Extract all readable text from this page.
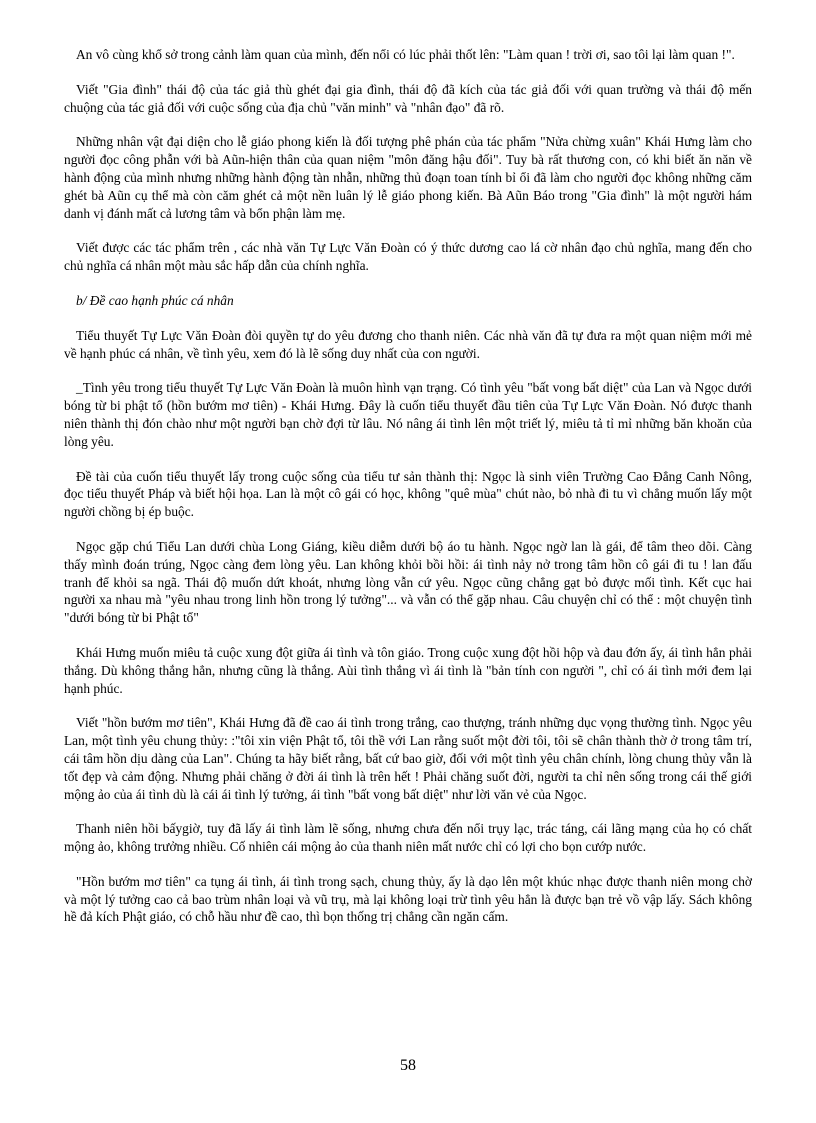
An vô cùng khổ sở trong cảnh làm quan của mình, đến nổi có lúc phải thốt lên: "Làm quan ! trời ơi, sao tôi lại làm quan !".

Viết "Gia đình" thái độ của tác giả thù ghét đại gia đình, thái độ đã kích của tác giả đối với quan trường và thái độ mến chuộng của tác giả đối với cuộc sống của địa chủ "văn minh" và "nhân đạo" đã rõ.

Những nhân vật đại diện cho lễ giáo phong kiến là đối tượng phê phán của tác phẩm "Nửa chừng xuân" Khái Hưng làm cho người đọc công phẫn với bà Aũn-hiện thân của quan niệm "môn đăng hậu đối". Tuy bà rất thương con, có khi biết ăn năn về hành động của mình nhưng những hành động tàn nhẫn, những thủ đoạn toan tính bỉ ổi đã làm cho người đọc không những căm ghét bà Aũn cụ thể mà còn căm ghét cả một nền luân lý lễ giáo phong kiến. Bà Aũn Báo trong "Gia đình" là một người hám danh vị đánh mất cả lương tâm và bổn phận làm mẹ.

Viết được các tác phẩm trên , các nhà văn Tự Lực Văn Đoàn có ý thức dương cao lá cờ nhân đạo chủ nghĩa, mang đến cho chủ nghĩa cá nhân một màu sắc hấp dẫn của chính nghĩa.

b/ Đề cao hạnh phúc cá nhân

Tiểu thuyết Tự Lực Văn Đoàn đòi quyền tự do yêu đương cho thanh niên. Các nhà văn đã tự đưa ra một quan niệm mới mẻ về hạnh phúc cá nhân, về tình yêu, xem đó là lẽ sống duy nhất của con người.

_Tình yêu trong tiểu thuyết Tự Lực Văn Đoàn là muôn hình vạn trạng. Có tình yêu "bất vong bất diệt" của Lan và Ngọc dưới bóng từ bi phật tổ (hồn bướm mơ tiên) - Khái Hưng. Đây là cuốn tiểu thuyết đầu tiên của Tự Lực Văn Đoàn. Nó được thanh niên thành thị đón chào như một người bạn chờ đợi từ lâu. Nó nâng ái tình lên một triết lý, miêu tả tỉ mỉ những băn khoăn của lòng yêu.

Đề tài của cuốn tiểu thuyết lấy trong cuộc sống của tiểu tư sản thành thị: Ngọc là sinh viên Trường Cao Đẳng Canh Nông, đọc tiểu thuyết Pháp và biết hội họa. Lan là một cô gái có học, không "quê mùa" chút nào, bỏ nhà đi tu vì chẳng muốn lấy một người chồng bị ép buộc.

Ngọc gặp chú Tiểu Lan dưới chùa Long Giáng, kiều diễm dưới bộ áo tu hành. Ngọc ngờ lan là gái, để tâm theo dõi. Càng thấy mình đoán trúng, Ngọc càng đem lòng yêu. Lan không khỏi bồi hồi: ái tình nảy nở trong tâm hồn cô gái đi tu ! lan đấu tranh để khỏi sa ngã. Thái độ muốn dứt khoát, nhưng lòng vẫn cứ yêu. Ngọc cũng chẳng gạt bỏ được mối tình. Kết cục hai người xa nhau mà "yêu nhau trong linh hồn trong lý tưởng"... và vẫn có thể gặp nhau. Câu chuyện chỉ có thể : một chuyện tình "dưới bóng từ bi Phật tổ"

Khái Hưng muốn miêu tả cuộc xung đột giữa ái tình và tôn giáo. Trong cuộc xung đột hồi hộp và đau đớn ấy, ái tình hẳn phải thắng. Dù không thắng hẳn, nhưng cũng là thắng. Aùi tình thắng vì ái tình là "bản tính con người ", chỉ có ái tình mới đem lại hạnh phúc.

Viết "hồn bướm mơ tiên", Khái Hưng đã đề cao ái tình trong trắng, cao thượng, tránh những dục vọng thường tình. Ngọc yêu Lan, một tình yêu chung thủy: :"tôi xin viện Phật tổ, tôi thề với Lan rằng suốt một đời tôi, tôi sẽ chân thành thờ ở trong tâm trí, cái tâm hồn dịu dàng của Lan". Chúng ta hãy biết rằng, bất cứ bao giờ, đối với một tình yêu chân chính, lòng chung thủy vẫn là tốt đẹp và cảm động. Nhưng phải chăng ở đời ái tình là trên hết ! Phải chăng suốt đời, người ta chỉ nên sống trong cái thế giới mộng ảo của ái tình dù là cái ái tình lý tưởng, ái tình "bất vong bất diệt" như lời văn vẻ của Ngọc.

Thanh niên hồi bấygiờ, tuy đã lấy ái tình làm lẽ sống, nhưng chưa đến nổi trụy lạc, trác táng, cái lãng mạng của họ có chất mộng ảo, không trưởng nhiều. Cố nhiên cái mộng ảo của thanh niên mất nước chỉ có lợi cho bọn cướp nước.

"Hồn bướm mơ tiên" ca tụng ái tình, ái tình trong sạch, chung thủy, ấy là dạo lên một khúc nhạc được thanh niên mong chờ và một lý tưởng cao cả bao trùm nhân loại và vũ trụ, mà lại không loại trừ tình yêu hẳn là được bạn trẻ vồ vập lấy. Sách không hề đả kích Phật giáo, có chỗ hầu như đề cao, thì bọn thống trị chẳng cần ngăn cấm.

58
